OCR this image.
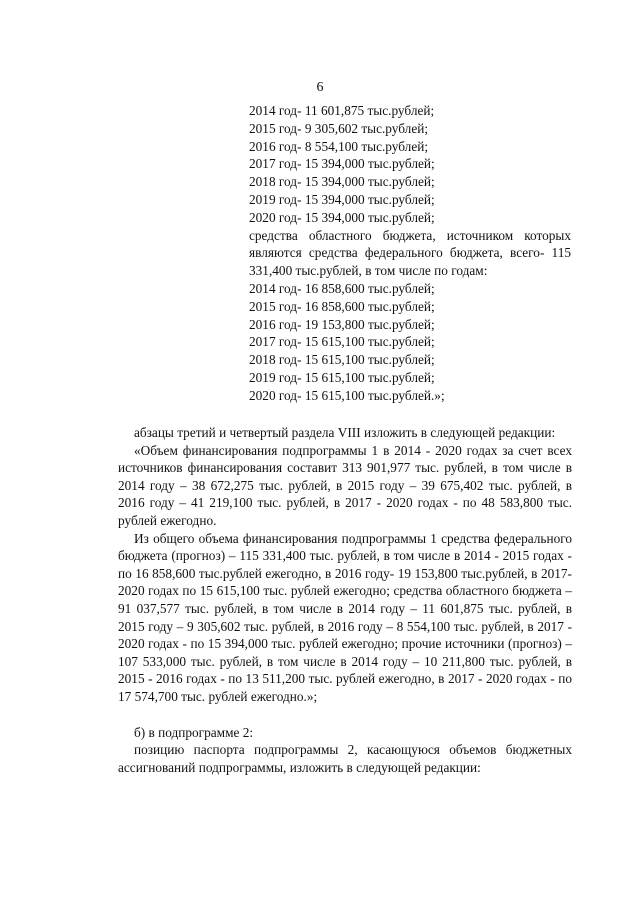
6
2014 год- 11 601,875 тыс.рублей;
2015 год- 9 305,602 тыс.рублей;
2016 год- 8 554,100 тыс.рублей;
2017 год- 15 394,000 тыс.рублей;
2018 год- 15 394,000 тыс.рублей;
2019 год- 15 394,000 тыс.рублей;
2020 год- 15 394,000 тыс.рублей;

средства областного бюджета, источником которых являются средства федерального бюджета, всего- 115 331,400 тыс.рублей, в том числе по годам:

2014 год- 16 858,600 тыс.рублей;
2015 год- 16 858,600 тыс.рублей;
2016 год- 19 153,800 тыс.рублей;
2017 год- 15 615,100 тыс.рублей;
2018 год- 15 615,100 тыс.рублей;
2019 год- 15 615,100 тыс.рублей;
2020 год- 15 615,100 тыс.рублей.»;

абзацы третий и четвертый раздела VIII изложить в следующей редакции:

«Объем финансирования подпрограммы 1 в 2014 - 2020 годах за счет всех источников финансирования составит 313 901,977 тыс. рублей, в том числе в 2014 году – 38 672,275 тыс. рублей, в 2015 году – 39 675,402 тыс. рублей, в 2016 году – 41 219,100 тыс. рублей, в 2017 - 2020 годах - по 48 583,800 тыс. рублей ежегодно.

Из общего объема финансирования подпрограммы 1 средства федерального бюджета (прогноз) – 115 331,400 тыс. рублей, в том числе в 2014 - 2015 годах - по 16 858,600 тыс.рублей ежегодно, в 2016 году- 19 153,800 тыс.рублей, в 2017- 2020 годах по 15 615,100 тыс. рублей ежегодно; средства областного бюджета – 91 037,577 тыс. рублей, в том числе в 2014 году – 11 601,875 тыс. рублей, в 2015 году – 9 305,602 тыс. рублей, в 2016 году – 8 554,100 тыс. рублей, в 2017 - 2020 годах - по 15 394,000 тыс. рублей ежегодно; прочие источники (прогноз) – 107 533,000 тыс. рублей, в том числе в 2014 году – 10 211,800 тыс. рублей, в 2015 - 2016 годах - по 13 511,200 тыс. рублей ежегодно, в 2017 - 2020 годах - по 17 574,700 тыс. рублей ежегодно.»;

б) в подпрограмме 2:

позицию паспорта подпрограммы 2, касающуюся объемов бюджетных ассигнований подпрограммы, изложить в следующей редакции:
